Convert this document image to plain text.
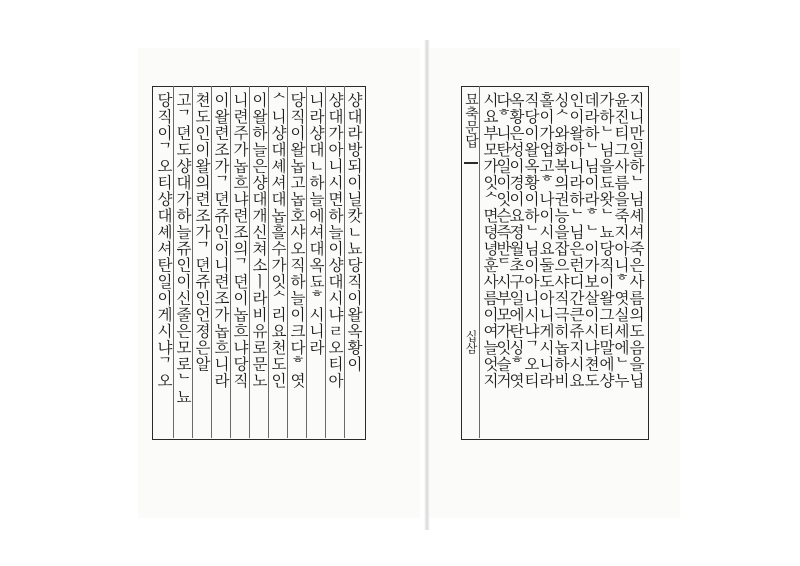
샹대라방되이닐캇ㄴ뇨당직이왈옥황이
샹대가아니시면하늘이샹대시냐ㄹ오티아
니라샹대ㄴ하늘에셔대옥됴ᄒ시니라
당직이왈놉고놉호샤오직하늘이크다ᄒ엿
ᄉ니샹대셰셔대놉흘수가잇ᄉ리요천도인
이왈하늘은샹대개신쳐소ㅣ라비유로문노
니련주가놉흐냐련조의ᄀ뎐이놉흐냐당직
이왈련조가ᄀ뎐쥬인이니련조가놉흐니라
쳔도인이왈의련조가ᄀ뎐쥬인언졍은알
고ᄀ뎐도샹대가하늘쥬인이신줄은모로ᄂ뇨
당직이ᄀ오티샹대셰셔탄일이게시냐ᄀ오	묘축문답
십삼	지니만일하ᄂ님셰셔죽은사름의도음을닙
윤진티그사름을죽지아니ᄒ엿실세에ᄂ누
가하ᄂ님을됴왓ᄂ뇨당직이왈그티말에샹
데라하ᄂ님이라ᄒᄂ이가보살이시냐쳔도
인이왈아니라하ᄂ님은런디간큰쥬지시요
싱ᄉ와화복의권능을잡으샤직극히놉하비
홀이가업고ᄒ나이시요둘도아니게시니라
직당이왈옥황이하ᄂ님이아니시냐ᄀ오티
옥황은성이경이요졍월초구일에탄싱ᄒ엿
다ᄒ니탄일이잇슨즉반ᄃ시부모가잇슬거
시요부모가잇ᄉ면뎡녕훈사름이여늘엇지
